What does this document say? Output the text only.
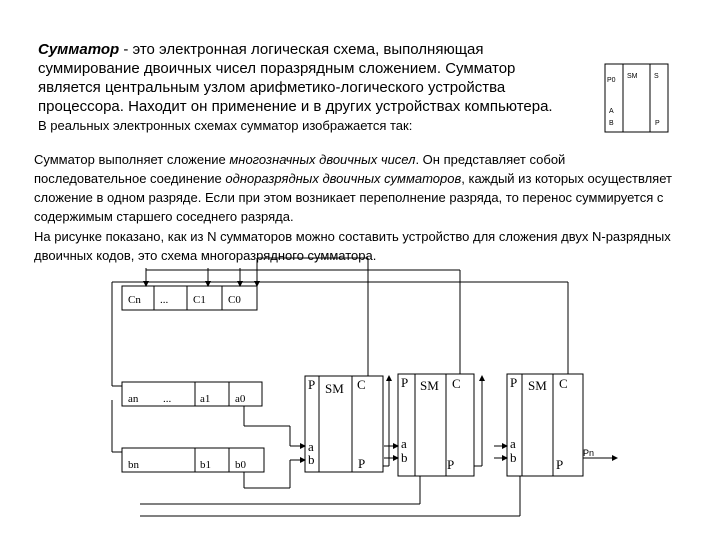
Сумматор - это электронная логическая схема, выполняющая суммирование двоичных чисел поразрядным сложением. Сумматор является центральным узлом арифметико-логического устройства процессора. Находит он применение и в других устройствах компьютера. В реальных электронных схемах сумматор изображается так:

Сумматор выполняет сложение многозначных двоичных чисел. Он представляет собой последовательное соединение одноразрядных двоичных сумматоров, каждый из которых осуществляет сложение в одном разряде. Если при этом возникает переполнение разряда, то перенос суммируется с содержимым старшего соседнего разряда.

На рисунке показано, как из N сумматоров можно составить устройство для сложения двух N-разрядных двоичных кодов, это схема многоразрядного сумматора.

P0
SM S
A
B	P
Cn ... C1 C0
an ...	a1 a0
bn	b1 b0
P SM C
a
b	P
P SM C
a
b	P
P SM C
a
b	P
Pn
